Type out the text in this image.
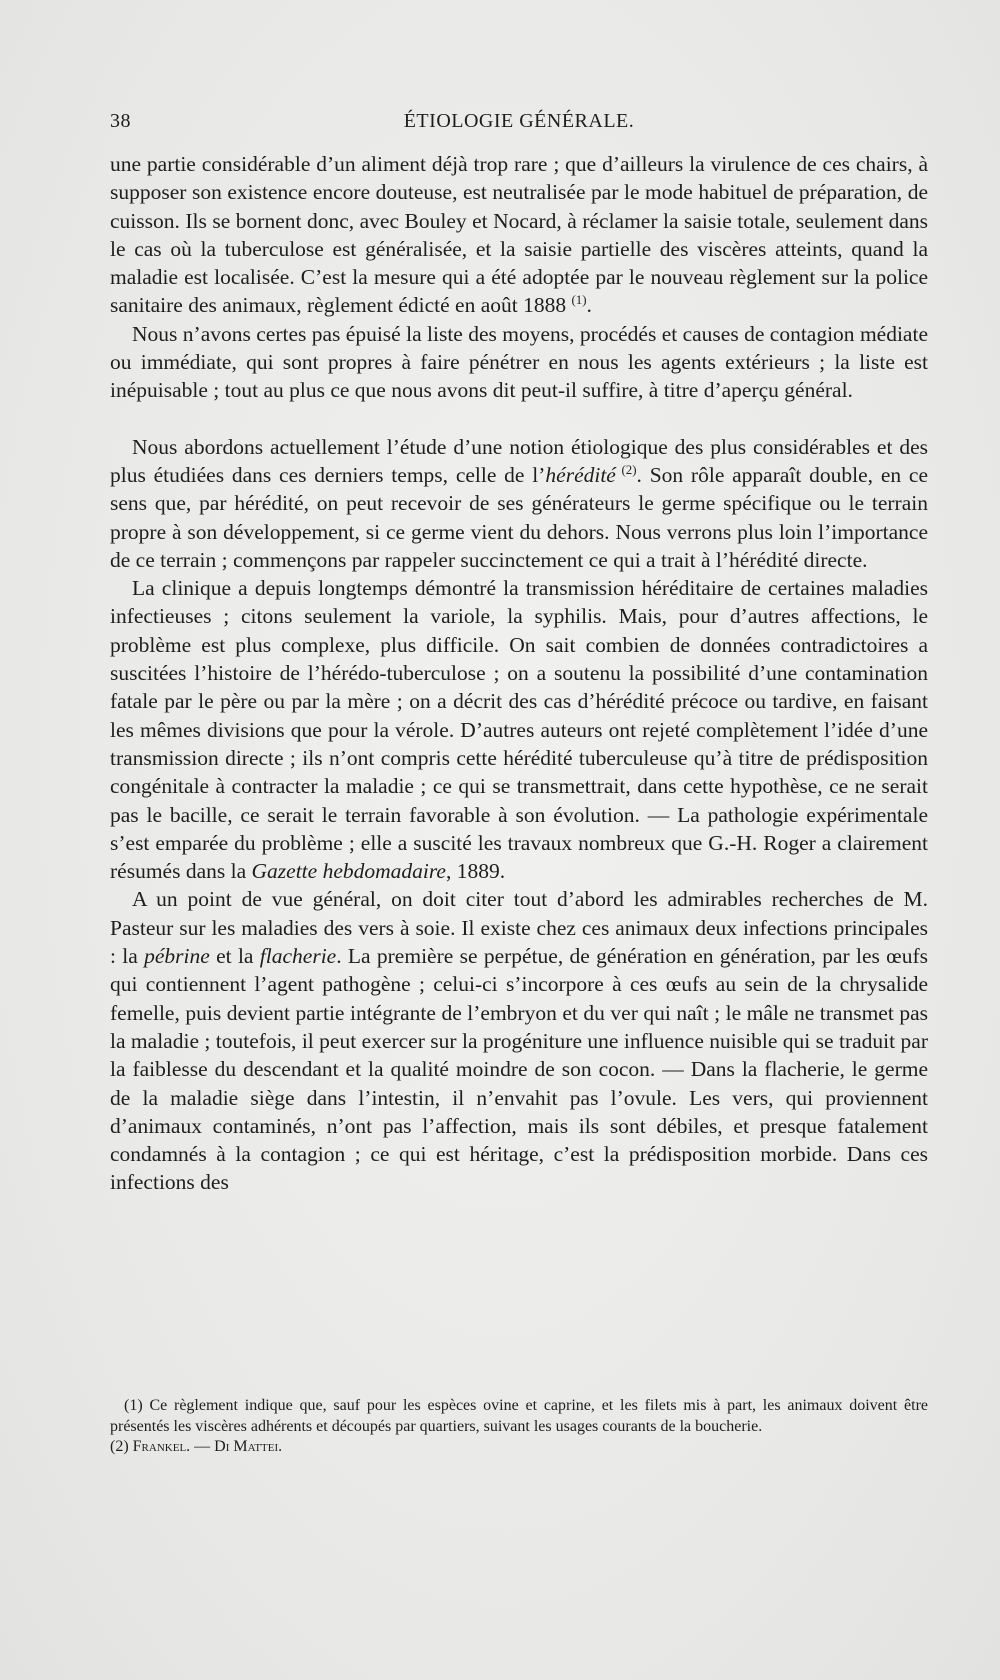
38	ÉTIOLOGIE GÉNÉRALE.

une partie considérable d’un aliment déjà trop rare ; que d’ailleurs la virulence de ces chairs, à supposer son existence encore douteuse, est neutralisée par le mode habituel de préparation, de cuisson. Ils se bornent donc, avec Bouley et Nocard, à réclamer la saisie totale, seulement dans le cas où la tuberculose est généralisée, et la saisie partielle des viscères atteints, quand la maladie est localisée. C’est la mesure qui a été adoptée par le nouveau règlement sur la police sanitaire des animaux, règlement édicté en août 1888 $^{(1)}$.

Nous n’avons certes pas épuisé la liste des moyens, procédés et causes de contagion médiate ou immédiate, qui sont propres à faire pénétrer en nous les agents extérieurs ; la liste est inépuisable ; tout au plus ce que nous avons dit peut-il suffire, à titre d’aperçu général.

Nous abordons actuellement l’étude d’une notion étiologique des plus considérables et des plus étudiées dans ces derniers temps, celle de l’hérédité $^{(2)}$. Son rôle apparaît double, en ce sens que, par hérédité, on peut recevoir de ses générateurs le germe spécifique ou le terrain propre à son développement, si ce germe vient du dehors. Nous verrons plus loin l’importance de ce terrain ; commençons par rappeler succinctement ce qui a trait à l’hérédité directe.

La clinique a depuis longtemps démontré la transmission héréditaire de certaines maladies infectieuses ; citons seulement la variole, la syphilis. Mais, pour d’autres affections, le problème est plus complexe, plus difficile. On sait combien de données contradictoires a suscitées l’histoire de l’hérédo-tuberculose ; on a soutenu la possibilité d’une contamination fatale par le père ou par la mère ; on a décrit des cas d’hérédité précoce ou tardive, en faisant les mêmes divisions que pour la vérole. D’autres auteurs ont rejeté complètement l’idée d’une transmission directe ; ils n’ont compris cette hérédité tuberculeuse qu’à titre de prédisposition congénitale à contracter la maladie ; ce qui se transmettrait, dans cette hypothèse, ce ne serait pas le bacille, ce serait le terrain favorable à son évolution. — La pathologie expérimentale s’est emparée du problème ; elle a suscité les travaux nombreux que G.-H. Roger a clairement résumés dans la Gazette hebdomadaire, 1889.

A un point de vue général, on doit citer tout d’abord les admirables recherches de M. Pasteur sur les maladies des vers à soie. Il existe chez ces animaux deux infections principales : la pébrine et la flacherie. La première se perpétue, de génération en génération, par les œufs qui contiennent l’agent pathogène ; celui-ci s’incorpore à ces œufs au sein de la chrysalide femelle, puis devient partie intégrante de l’embryon et du ver qui naît ; le mâle ne transmet pas la maladie ; toutefois, il peut exercer sur la progéniture une influence nuisible qui se traduit par la faiblesse du descendant et la qualité moindre de son cocon. — Dans la flacherie, le germe de la maladie siège dans l’intestin, il n’envahit pas l’ovule. Les vers, qui proviennent d’animaux contaminés, n’ont pas l’affection, mais ils sont débiles, et presque fatalement condamnés à la contagion ; ce qui est héritage, c’est la prédisposition morbide. Dans ces infections des

(1) Ce règlement indique que, sauf pour les espèces ovine et caprine, et les filets mis à part, les animaux doivent être présentés les viscères adhérents et découpés par quartiers, suivant les usages courants de la boucherie.

(2) Frankel. — Di Mattei.
